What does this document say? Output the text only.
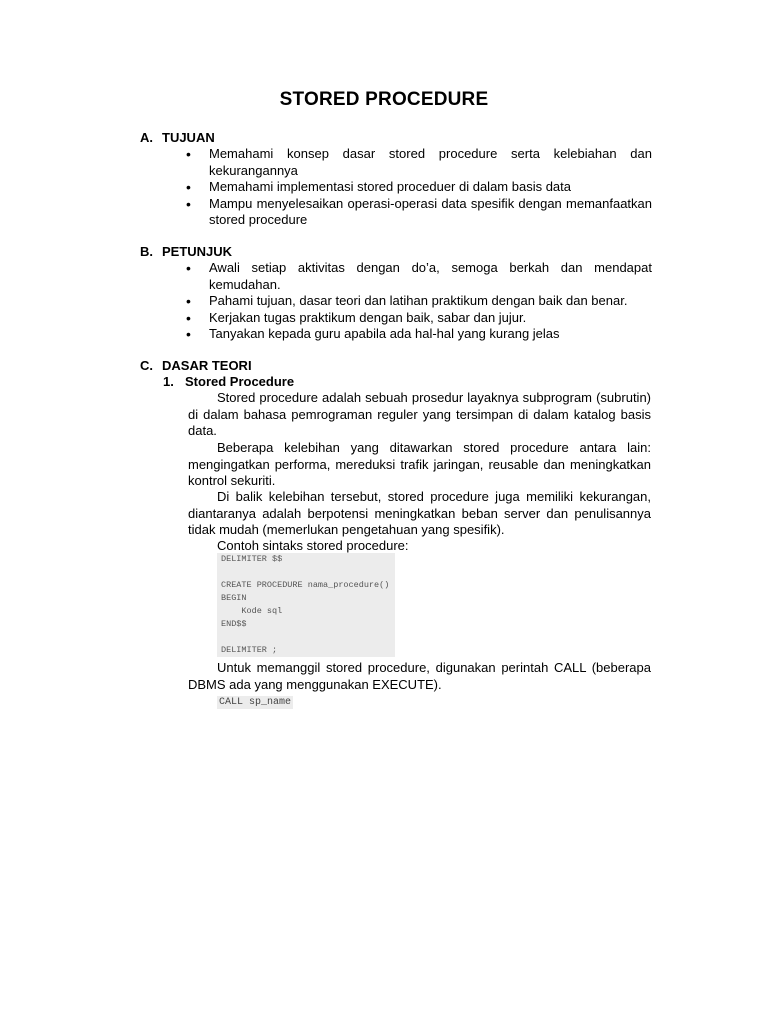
STORED PROCEDURE
A. TUJUAN
• Memahami konsep dasar stored procedure serta kelebiahan dan kekurangannya
• Memahami implementasi stored proceduer di dalam basis data
• Mampu menyelesaikan operasi-operasi data spesifik dengan memanfaatkan stored procedure
B. PETUNJUK
• Awali setiap aktivitas dengan do’a, semoga berkah dan mendapat kemudahan.
• Pahami tujuan, dasar teori dan latihan praktikum dengan baik dan benar.
• Kerjakan tugas praktikum dengan baik, sabar dan jujur.
• Tanyakan kepada guru apabila ada hal-hal yang kurang jelas
C. DASAR TEORI
1. Stored Procedure
Stored procedure adalah sebuah prosedur layaknya subprogram (subrutin) di dalam bahasa pemrograman reguler yang tersimpan di dalam katalog basis data.
Beberapa kelebihan yang ditawarkan stored procedure antara lain: mengingatkan performa, mereduksi trafik jaringan, reusable dan meningkatkan kontrol sekuriti.
Di balik kelebihan tersebut, stored procedure juga memiliki kekurangan, diantaranya adalah berpotensi meningkatkan beban server dan penulisannya tidak mudah (memerlukan pengetahuan yang spesifik).
Contoh sintaks stored procedure:
DELIMITER $$
CREATE PROCEDURE nama_procedure()
BEGIN
Kode sql
END$$
DELIMITER ;
Untuk memanggil stored procedure, digunakan perintah CALL (beberapa DBMS ada yang menggunakan EXECUTE).
CALL sp_name
